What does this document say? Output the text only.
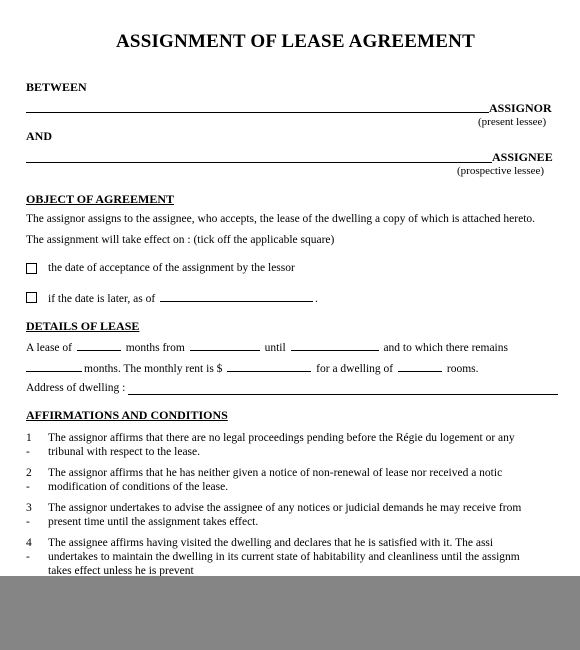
ASSIGNMENT OF LEASE AGREEMENT
BETWEEN
ASSIGNOR
(present lessee)
AND
ASSIGNEE
(prospective lessee)
OBJECT OF AGREEMENT
The assignor assigns to the assignee, who accepts, the lease of the dwelling a copy of which is attached hereto.
The assignment will take effect on : (tick off the applicable square)
the date of acceptance of the assignment by the lessor
if the date is later, as of	.
DETAILS OF LEASE
A lease of	months from	until	and to which there remains
months. The monthly rent is $	for a dwelling of	rooms.
Address of dwelling :
AFFIRMATIONS AND CONDITIONS
1 -
The assignor affirms that there are no legal proceedings pending before the Régie du logement or any
tribunal with respect to the lease.
2 -
The assignor affirms that he has neither given a notice of non-renewal of lease nor received a notic
modification of conditions of the lease.
3 -
The assignor undertakes to advise the assignee of any notices or judicial demands he may receive from
present time until the assignment takes effect.
4 -
The assignee affirms having visited the dwelling and declares that he is satisfied with it. The assi
undertakes to maintain the dwelling in its current state of habitability and cleanliness until the assignm
takes effect unless he is prevent
